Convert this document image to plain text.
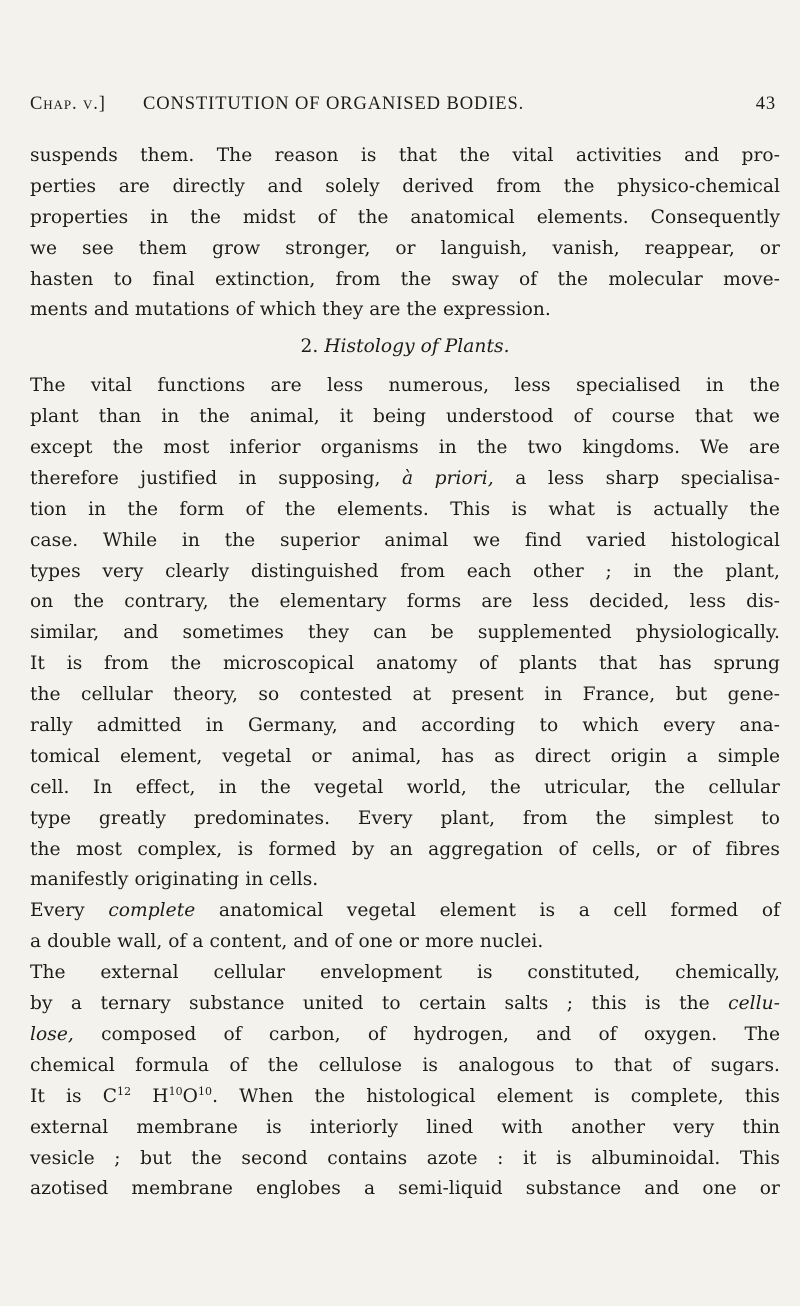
Chap. v.] CONSTITUTION OF ORGANISED BODIES.	43
suspends them. The reason is that the vital activities and pro-
perties are directly and solely derived from the physico-chemical
properties in the midst of the anatomical elements. Consequently
we see them grow stronger, or languish, vanish, reappear, or
hasten to final extinction, from the sway of the molecular move-
ments and mutations of which they are the expression.
2. Histology of Plants.
The vital functions are less numerous, less specialised in the
plant than in the animal, it being understood of course that we
except the most inferior organisms in the two kingdoms. We are
therefore justified in supposing, à priori, a less sharp specialisa-
tion in the form of the elements. This is what is actually the
case. While in the superior animal we find varied histological
types very clearly distinguished from each other ; in the plant,
on the contrary, the elementary forms are less decided, less dis-
similar, and sometimes they can be supplemented physiologically.
It is from the microscopical anatomy of plants that has sprung
the cellular theory, so contested at present in France, but gene-
rally admitted in Germany, and according to which every ana-
tomical element, vegetal or animal, has as direct origin a simple
cell. In effect, in the vegetal world, the utricular, the cellular
type greatly predominates. Every plant, from the simplest to
the most complex, is formed by an aggregation of cells, or of fibres
manifestly originating in cells.
Every complete anatomical vegetal element is a cell formed of
a double wall, of a content, and of one or more nuclei.
The external cellular envelopment is constituted, chemically,
by a ternary substance united to certain salts ; this is the cellu-
lose, composed of carbon, of hydrogen, and of oxygen. The
chemical formula of the cellulose is analogous to that of sugars.
It is $C^{12}$ $H^{10}O^{10}$. When the histological element is complete, this
external membrane is interiorly lined with another very thin
vesicle ; but the second contains azote : it is albuminoidal. This
azotised membrane englobes a semi-liquid substance and one or
